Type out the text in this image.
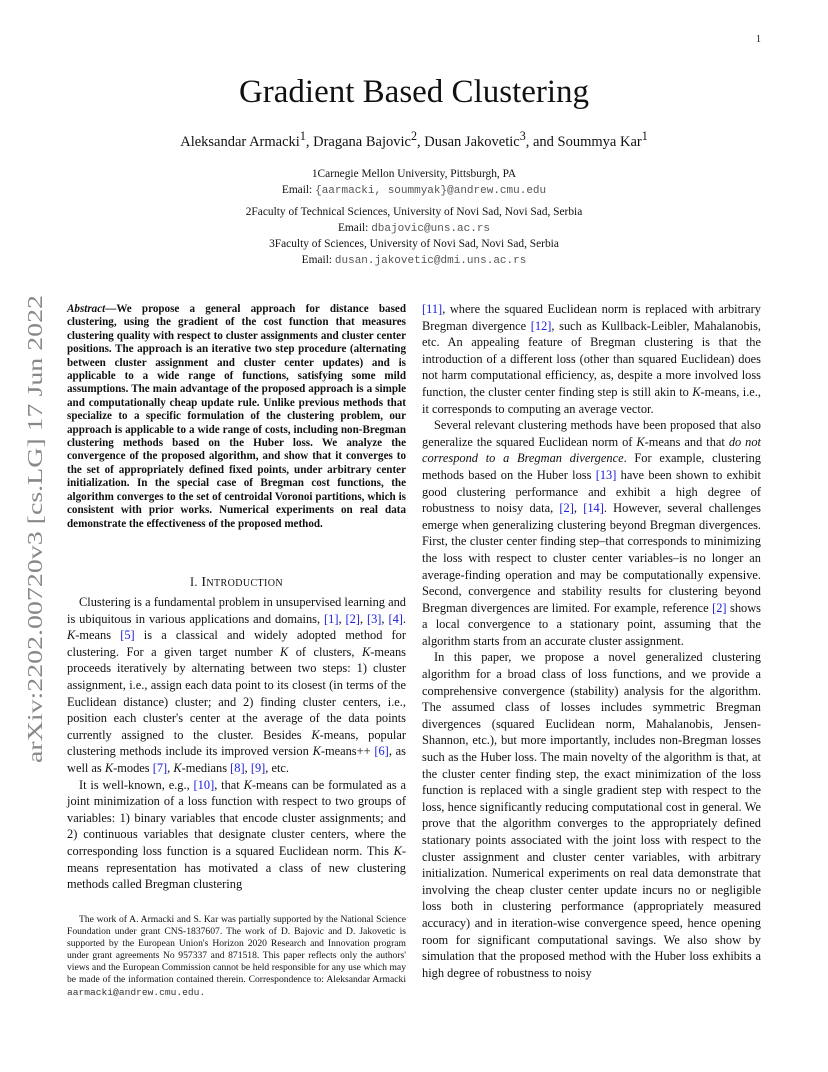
1
arXiv:2202.00720v3 [cs.LG] 17 Jun 2022
Gradient Based Clustering
Aleksandar Armacki$^1$, Dragana Bajovic$^2$, Dusan Jakovetic$^3$, and Soummya Kar$^1$
1Carnegie Mellon University, Pittsburgh, PA
Email: {aarmacki, soummyak}@andrew.cmu.edu
2Faculty of Technical Sciences, University of Novi Sad, Novi Sad, Serbia
Email: dbajovic@uns.ac.rs
3Faculty of Sciences, University of Novi Sad, Novi Sad, Serbia
Email: dusan.jakovetic@dmi.uns.ac.rs
Abstract—We propose a general approach for distance based clustering, using the gradient of the cost function that measures clustering quality with respect to cluster assignments and cluster center positions. The approach is an iterative two step procedure (alternating between cluster assignment and cluster center updates) and is applicable to a wide range of functions, satisfying some mild assumptions. The main advantage of the proposed approach is a simple and computationally cheap update rule. Unlike previous methods that specialize to a specific formulation of the clustering problem, our approach is applicable to a wide range of costs, including non-Bregman clustering methods based on the Huber loss. We analyze the convergence of the proposed algorithm, and show that it converges to the set of appropriately defined fixed points, under arbitrary center initialization. In the special case of Bregman cost functions, the algorithm converges to the set of centroidal Voronoi partitions, which is consistent with prior works. Numerical experiments on real data demonstrate the effectiveness of the proposed method.
I. INTRODUCTION

Clustering is a fundamental problem in unsupervised learning and is ubiquitous in various applications and domains, [1], [2], [3], [4]. K-means [5] is a classical and widely adopted method for clustering. For a given target number K of clusters, K-means proceeds iteratively by alternating between two steps: 1) cluster assignment, i.e., assign each data point to its closest (in terms of the Euclidean distance) cluster; and 2) finding cluster centers, i.e., position each cluster's center at the average of the data points currently assigned to the cluster. Besides K-means, popular clustering methods include its improved version K-means++ [6], as well as K-modes [7], K-medians [8], [9], etc.

It is well-known, e.g., [10], that K-means can be formulated as a joint minimization of a loss function with respect to two groups of variables: 1) binary variables that encode cluster assignments; and 2) continuous variables that designate cluster centers, where the corresponding loss function is a squared Euclidean norm. This K-means representation has motivated a class of new clustering methods called Bregman clustering

The work of A. Armacki and S. Kar was partially supported by the National Science Foundation under grant CNS-1837607. The work of D. Bajovic and D. Jakovetic is supported by the European Union's Horizon 2020 Research and Innovation program under grant agreements No 957337 and 871518. This paper reflects only the authors' views and the European Commission cannot be held responsible for any use which may be made of the information contained therein. Correspondence to: Aleksandar Armacki aarmacki@andrew.cmu.edu.

[11], where the squared Euclidean norm is replaced with arbitrary Bregman divergence [12], such as Kullback-Leibler, Mahalanobis, etc. An appealing feature of Bregman clustering is that the introduction of a different loss (other than squared Euclidean) does not harm computational efficiency, as, despite a more involved loss function, the cluster center finding step is still akin to K-means, i.e., it corresponds to computing an average vector.

Several relevant clustering methods have been proposed that also generalize the squared Euclidean norm of K-means and that do not correspond to a Bregman divergence. For example, clustering methods based on the Huber loss [13] have been shown to exhibit good clustering performance and exhibit a high degree of robustness to noisy data, [2], [14]. However, several challenges emerge when generalizing clustering beyond Bregman divergences. First, the cluster center finding step–that corresponds to minimizing the loss with respect to cluster center variables–is no longer an average-finding operation and may be computationally expensive. Second, convergence and stability results for clustering beyond Bregman divergences are limited. For example, reference [2] shows a local convergence to a stationary point, assuming that the algorithm starts from an accurate cluster assignment.

In this paper, we propose a novel generalized clustering algorithm for a broad class of loss functions, and we provide a comprehensive convergence (stability) analysis for the algorithm. The assumed class of losses includes symmetric Bregman divergences (squared Euclidean norm, Mahalanobis, Jensen-Shannon, etc.), but more importantly, includes non-Bregman losses such as the Huber loss. The main novelty of the algorithm is that, at the cluster center finding step, the exact minimization of the loss function is replaced with a single gradient step with respect to the loss, hence significantly reducing computational cost in general. We prove that the algorithm converges to the appropriately defined stationary points associated with the joint loss with respect to the cluster assignment and cluster center variables, with arbitrary initialization. Numerical experiments on real data demonstrate that involving the cheap cluster center update incurs no or negligible loss both in clustering performance (appropriately measured accuracy) and in iteration-wise convergence speed, hence opening room for significant computational savings. We also show by simulation that the proposed method with the Huber loss exhibits a high degree of robustness to noisy
